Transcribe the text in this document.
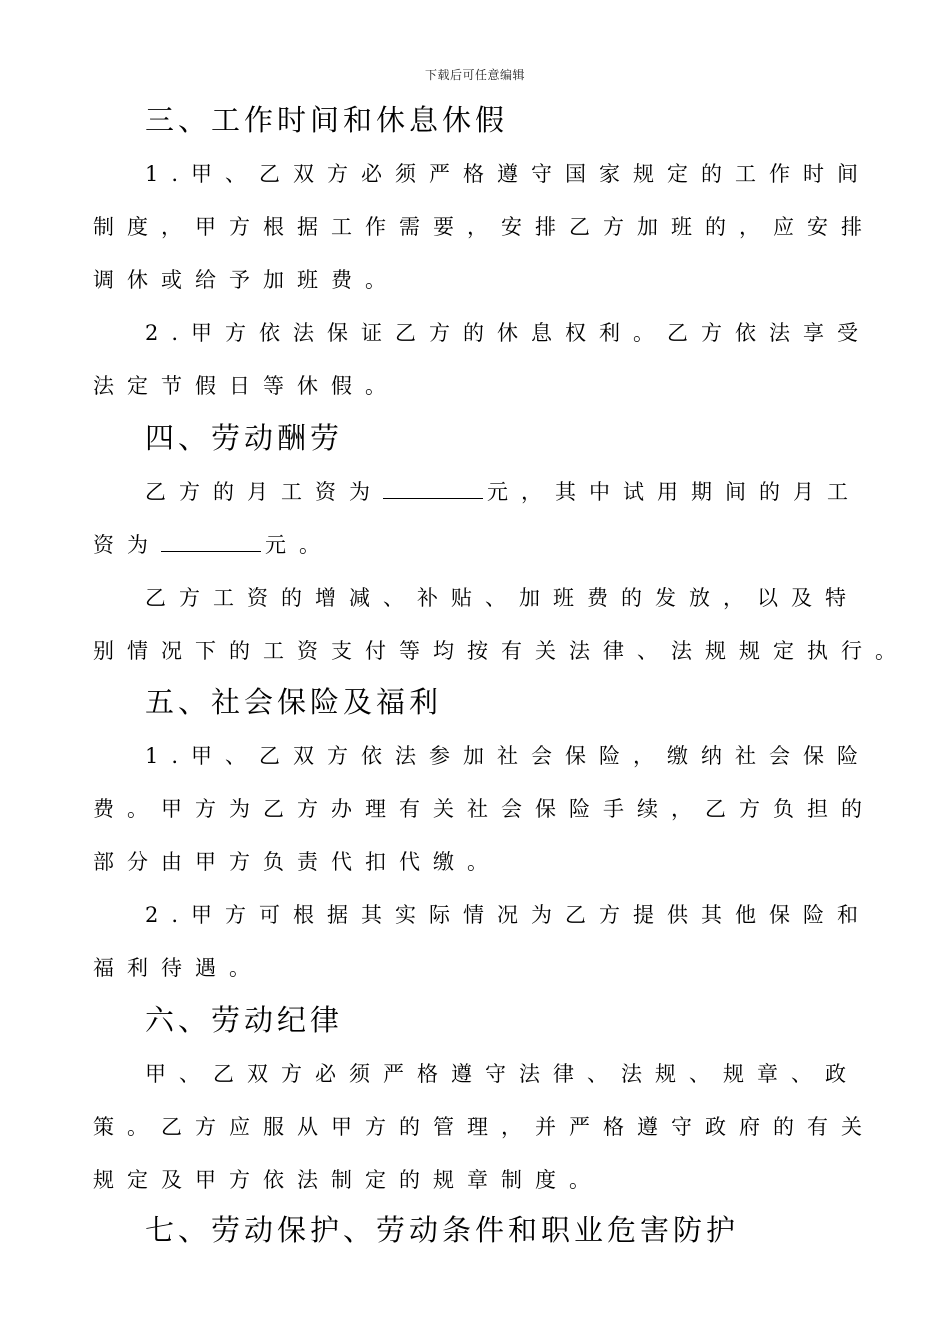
下载后可任意编辑
三、工作时间和休息休假
1.甲、乙双方必须严格遵守国家规定的工作时间
制度，甲方根据工作需要，安排乙方加班的，应安排
调休或给予加班费。
2.甲方依法保证乙方的休息权利。乙方依法享受
法定节假日等休假。
四、劳动酬劳
乙方的月工资为	元，其中试用期间的月工
资为	元。
乙方工资的增减、补贴、加班费的发放，以及特
别情况下的工资支付等均按有关法律、法规规定执行。
五、社会保险及福利
1.甲、乙双方依法参加社会保险，缴纳社会保险
费。甲方为乙方办理有关社会保险手续，乙方负担的
部分由甲方负责代扣代缴。
2.甲方可根据其实际情况为乙方提供其他保险和
福利待遇。
六、劳动纪律
甲、乙双方必须严格遵守法律、法规、规章、政
策。乙方应服从甲方的管理，并严格遵守政府的有关
规定及甲方依法制定的规章制度。
七、劳动保护、劳动条件和职业危害防护
